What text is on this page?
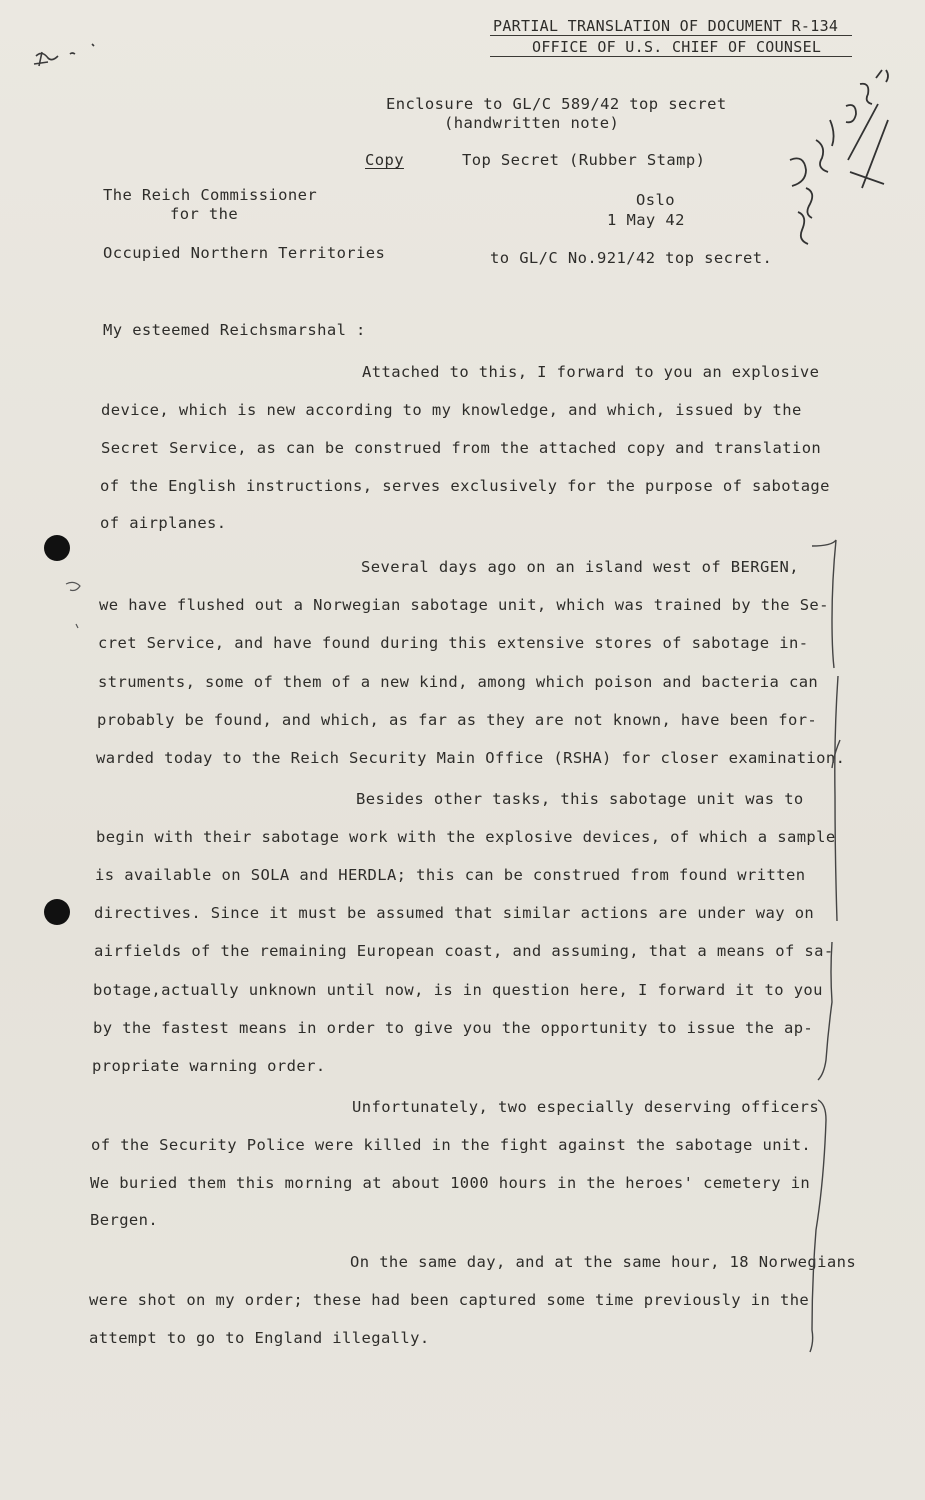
PARTIAL TRANSLATION OF DOCUMENT R-134
OFFICE OF U.S. CHIEF OF COUNSEL
Enclosure to GL/C 589/42 top secret
(handwritten note)
Copy	Top Secret (Rubber Stamp)
The Reich Commissioner
for the
Occupied Northern Territories
Oslo
1 May 42
to GL/C No.921/42 top secret.
My esteemed Reichsmarshal :
Attached to this, I forward to you an explosive
device, which is new according to my knowledge, and which, issued by the
Secret Service, as can be construed from the attached copy and translation
of the English instructions, serves exclusively for the purpose of sabotage
of airplanes.
Several days ago on an island west of BERGEN,
we have flushed out a Norwegian sabotage unit, which was trained by the Se-
cret Service, and have found during this extensive stores of sabotage in-
struments, some of them of a new kind, among which poison and bacteria can
probably be found, and which, as far as they are not known, have been for-
warded today to the Reich Security Main Office (RSHA) for closer examination.
Besides other tasks, this sabotage unit was to
begin with their sabotage work with the explosive devices, of which a sample
is available on SOLA and HERDLA; this can be construed from found written
directives. Since it must be assumed that similar actions are under way on
airfields of the remaining European coast, and assuming, that a means of sa-
botage,actually unknown until now, is in question here, I forward it to you
by the fastest means in order to give you the opportunity to issue the ap-
propriate warning order.
Unfortunately, two especially deserving officers
of the Security Police were killed in the fight against the sabotage unit.
We buried them this morning at about 1000 hours in the heroes' cemetery in
Bergen.
On the same day, and at the same hour, 18 Norwegians
were shot on my order; these had been captured some time previously in the
attempt to go to England illegally.
